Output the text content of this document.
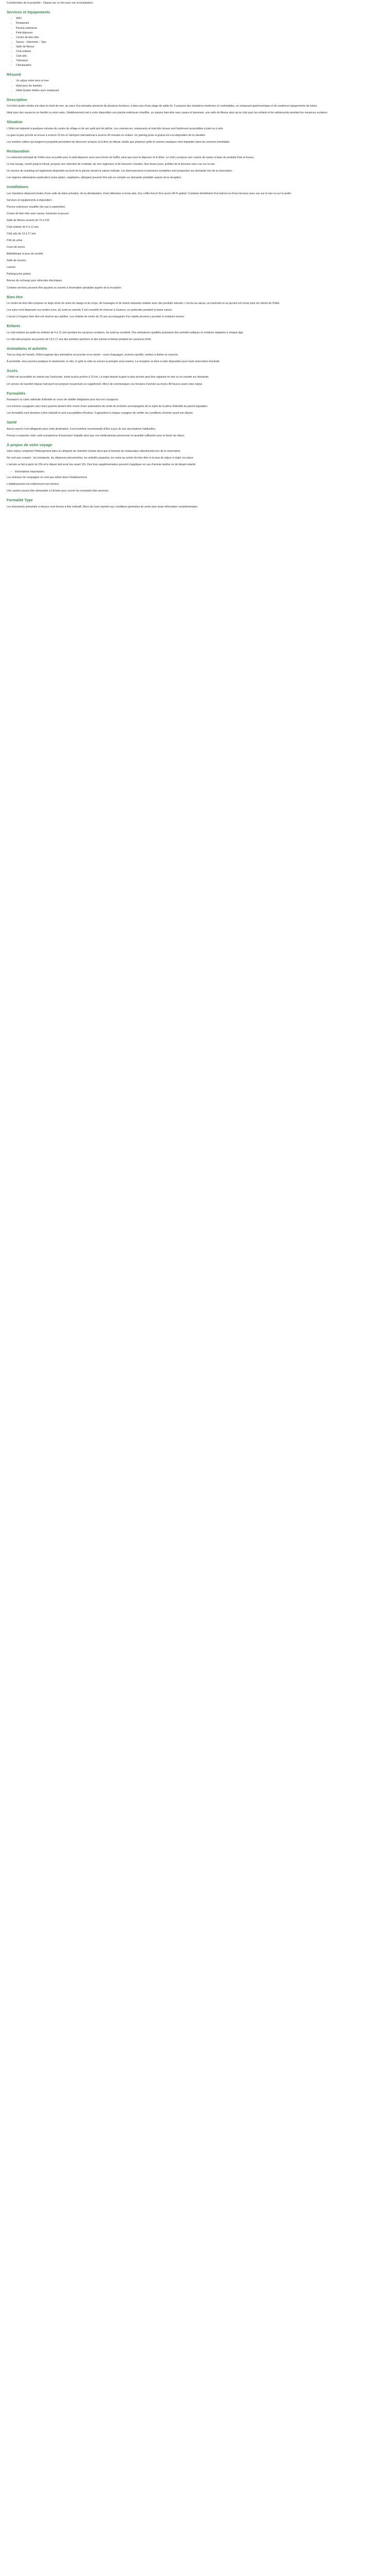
Coordonnées de la propriété : Cliquez sur ce lien pour voir la localisation.

Services et équipements
• WIFI
• Restaurant
• Piscine extérieure
• Petit-déjeuner
• Centre de bien-être
• Sauna – Hammam – Spa
• Salle de fitness
• Club enfants
• Club ado
• Télévision
• Climatisation
Résumé
• Un séjour entre terre et mer
• Idéal pour les familles
• Hôtel Quatre étoiles avec restaurant
Description

Cet hôtel quatre étoiles est situé en bord de mer, au cœur d'un domaine préservé de plusieurs hectares, à deux pas d'une plage de sable fin. Il propose des chambres modernes et confortables, un restaurant gastronomique et de nombreux équipements de loisirs.

Idéal pour des vacances en famille ou entre amis, l'établissement met à votre disposition une piscine extérieure chauffée, un espace bien-être avec sauna et hammam, une salle de fitness ainsi qu'un club pour les enfants et les adolescents pendant les vacances scolaires.

Situation

L'hôtel est implanté à quelques minutes du centre du village et de son petit port de pêche. Les commerces, restaurants et marchés locaux sont facilement accessibles à pied ou à vélo.

La gare la plus proche se trouve à environ 15 km et l'aéroport international à environ 45 minutes en voiture. Un parking privé et gratuit est à la disposition de la clientèle.

Les sentiers côtiers qui longent la propriété permettent de découvrir la faune et la flore du littoral, tandis que plusieurs golfs et centres nautiques sont implantés dans les environs immédiats.

Restauration

Le restaurant principal de l'hôtel vous accueille pour le petit-déjeuner servi sous forme de buffet, ainsi que pour le déjeuner et le dîner. Le chef y propose une cuisine de saison à base de produits frais et locaux.

Le bar-lounge, ouvert jusqu'à minuit, propose une sélection de cocktails, de vins régionaux et de boissons chaudes. Aux beaux jours, profitez de la terrasse avec vue sur la mer.

Un service de snacking est également disponible au bord de la piscine durant la saison estivale. Les demi-pensions et pensions complètes sont proposées sur demande lors de la réservation.

Les régimes alimentaires particuliers (sans gluten, végétarien, allergies) peuvent être pris en compte sur demande préalable auprès de la réception.

Installations

Les chambres disposent toutes d'une salle de bains privative, de la climatisation, d'une télévision à écran plat, d'un coffre-fort et d'un accès Wi-Fi gratuit. Certaines bénéficient d'un balcon ou d'une terrasse avec vue sur la mer ou sur le jardin.

Services et équipements à disposition :

Piscine extérieure chauffée (de mai à septembre)

Centre de bien-être avec sauna, hammam et jacuzzi

Salle de fitness ouverte de 7h à 21h

Club enfants de 4 à 12 ans

Club ado de 13 à 17 ans

Prêt de vélos

Court de tennis

Bibliothèque et jeux de société

Salle de réunion

Laverie

Parking privé gratuit

Bornes de recharge pour véhicules électriques

Certains services peuvent être payants ou soumis à réservation préalable auprès de la réception.

Bien-être

Le centre de bien-être propose un large choix de soins du visage et du corps, de massages et de rituels relaxants réalisés avec des produits naturels. L'accès au sauna, au hammam et au jacuzzi est inclus pour les clients de l'hôtel.

Les soins sont dispensés sur rendez-vous, du lundi au samedi. Il est conseillé de réserver à l'avance, en particulier pendant la haute saison.

L'accès à l'espace bien-être est réservé aux adultes. Les enfants de moins de 16 ans accompagnés d'un adulte peuvent y accéder à certaines heures.

Enfants

Le club enfants accueille les enfants de 4 à 12 ans pendant les vacances scolaires, du lundi au vendredi. Des animateurs qualifiés proposent des activités ludiques et créatives adaptées à chaque âge.

Le club ado propose aux jeunes de 13 à 17 ans des activités sportives et des soirées à thème pendant les vacances d'été.

Animations et activités

Tout au long de l'année, l'hôtel organise des animations en journée et en soirée : cours d'aquagym, tournois sportifs, soirées à thème et concerts.

À proximité, vous pourrez pratiquer la randonnée, le vélo, le golf, la voile ou encore la plongée sous-marine. La réception se tient à votre disposition pour toute réservation d'activité.

Accès

L'hôtel est accessible en voiture par l'autoroute, sortie la plus proche à 10 km. Le trajet depuis la gare la plus proche peut être organisé en taxi ou en navette sur demande.

Un service de transfert depuis l'aéroport est proposé moyennant un supplément. Merci de communiquer vos horaires d'arrivée au moins 48 heures avant votre séjour.

Formalités

Passeport ou carte nationale d'identité en cours de validité obligatoire pour tous les voyageurs.

Les mineurs voyageant sans leurs parents doivent être munis d'une autorisation de sortie du territoire accompagnée de la copie de la pièce d'identité du parent signataire.

Les formalités sont données à titre indicatif et sont susceptibles d'évoluer. Il appartient à chaque voyageur de vérifier les conditions d'entrée avant son départ.

Santé

Aucun vaccin n'est obligatoire pour cette destination. Il est toutefois recommandé d'être à jour de ses vaccinations habituelles.

Pensez à emporter votre carte européenne d'assurance maladie ainsi que vos médicaments personnels en quantité suffisante pour la durée du séjour.

À propos de votre voyage

Votre séjour comprend l'hébergement dans la catégorie de chambre choisie ainsi que la formule de restauration sélectionnée lors de la réservation.

Ne sont pas compris : les transports, les dépenses personnelles, les activités payantes, les soins au centre de bien-être et la taxe de séjour à régler sur place.

L'arrivée se fait à partir de 15h et le départ doit avoir lieu avant 11h. Des frais supplémentaires peuvent s'appliquer en cas d'arrivée tardive ou de départ retardé.

• Informations importantes

Les animaux de compagnie ne sont pas admis dans l'établissement.

L'établissement est entièrement non-fumeur.

Une caution pourra être demandée à l'arrivée pour couvrir les éventuels frais annexes.

Formalité Type

Les documents présentés ci-dessus sont fournis à titre indicatif. Merci de vous reporter aux conditions générales de vente pour toute information complémentaire.
